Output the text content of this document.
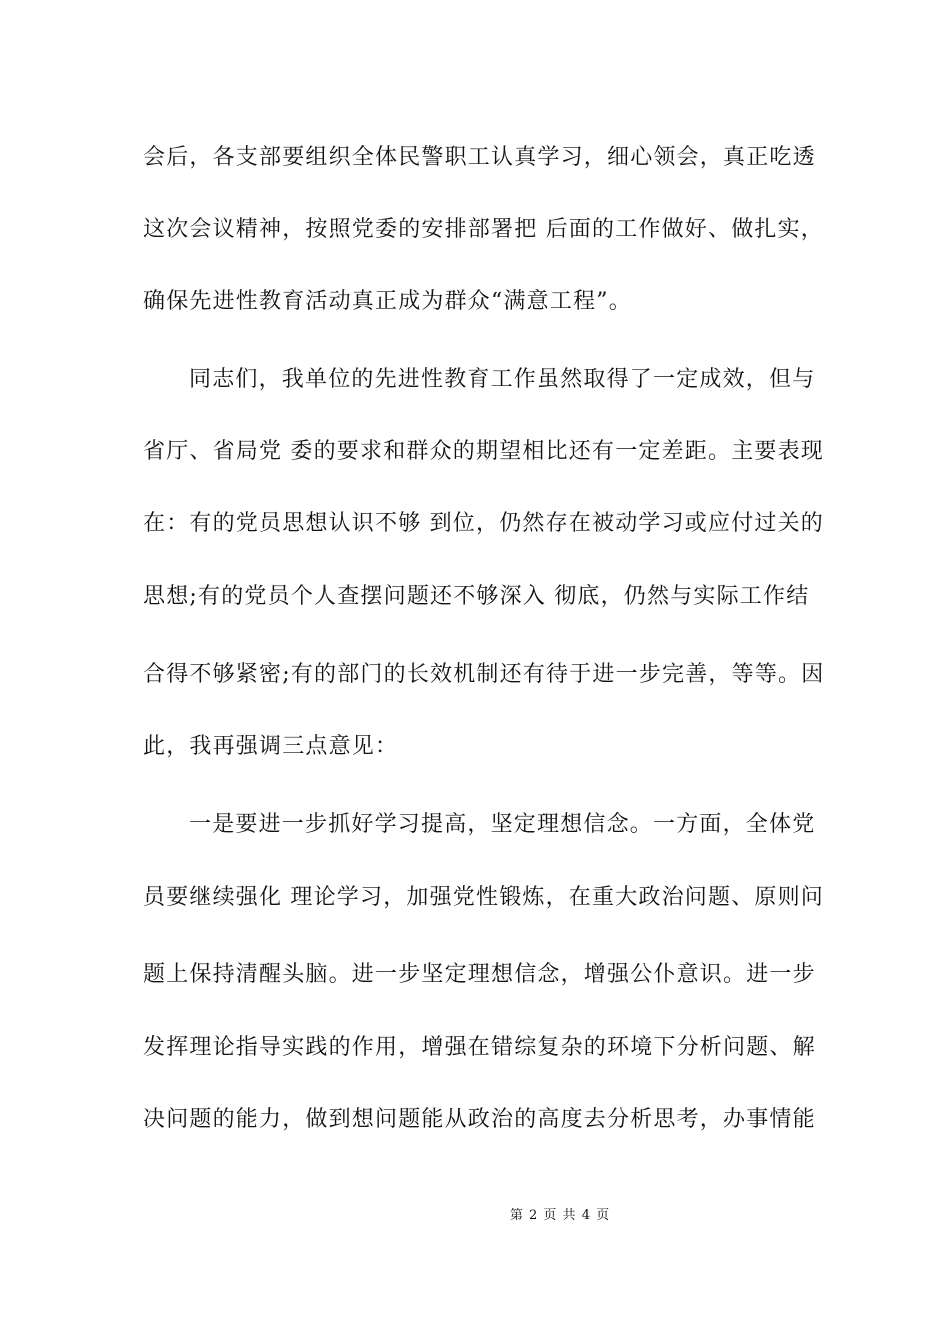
会后，各支部要组织全体民警职工认真学习，细心领会，真正吃透
这次会议精神，按照党委的安排部署把 后面的工作做好、做扎实，
确保先进性教育活动真正成为群众“满意工程”。
同志们，我单位的先进性教育工作虽然取得了一定成效，但与
省厅、省局党 委的要求和群众的期望相比还有一定差距。主要表现
在：有的党员思想认识不够 到位，仍然存在被动学习或应付过关的
思想;有的党员个人查摆问题还不够深入 彻底，仍然与实际工作结
合得不够紧密;有的部门的长效机制还有待于进一步完善，等等。因
此，我再强调三点意见：
一是要进一步抓好学习提高，坚定理想信念。一方面，全体党
员要继续强化 理论学习，加强党性锻炼，在重大政治问题、原则问
题上保持清醒头脑。进一步坚定理想信念，增强公仆意识。进一步
发挥理论指导实践的作用，增强在错综复杂的环境下分析问题、解
决问题的能力，做到想问题能从政治的高度去分析思考，办事情能
第 2 页 共 4 页
